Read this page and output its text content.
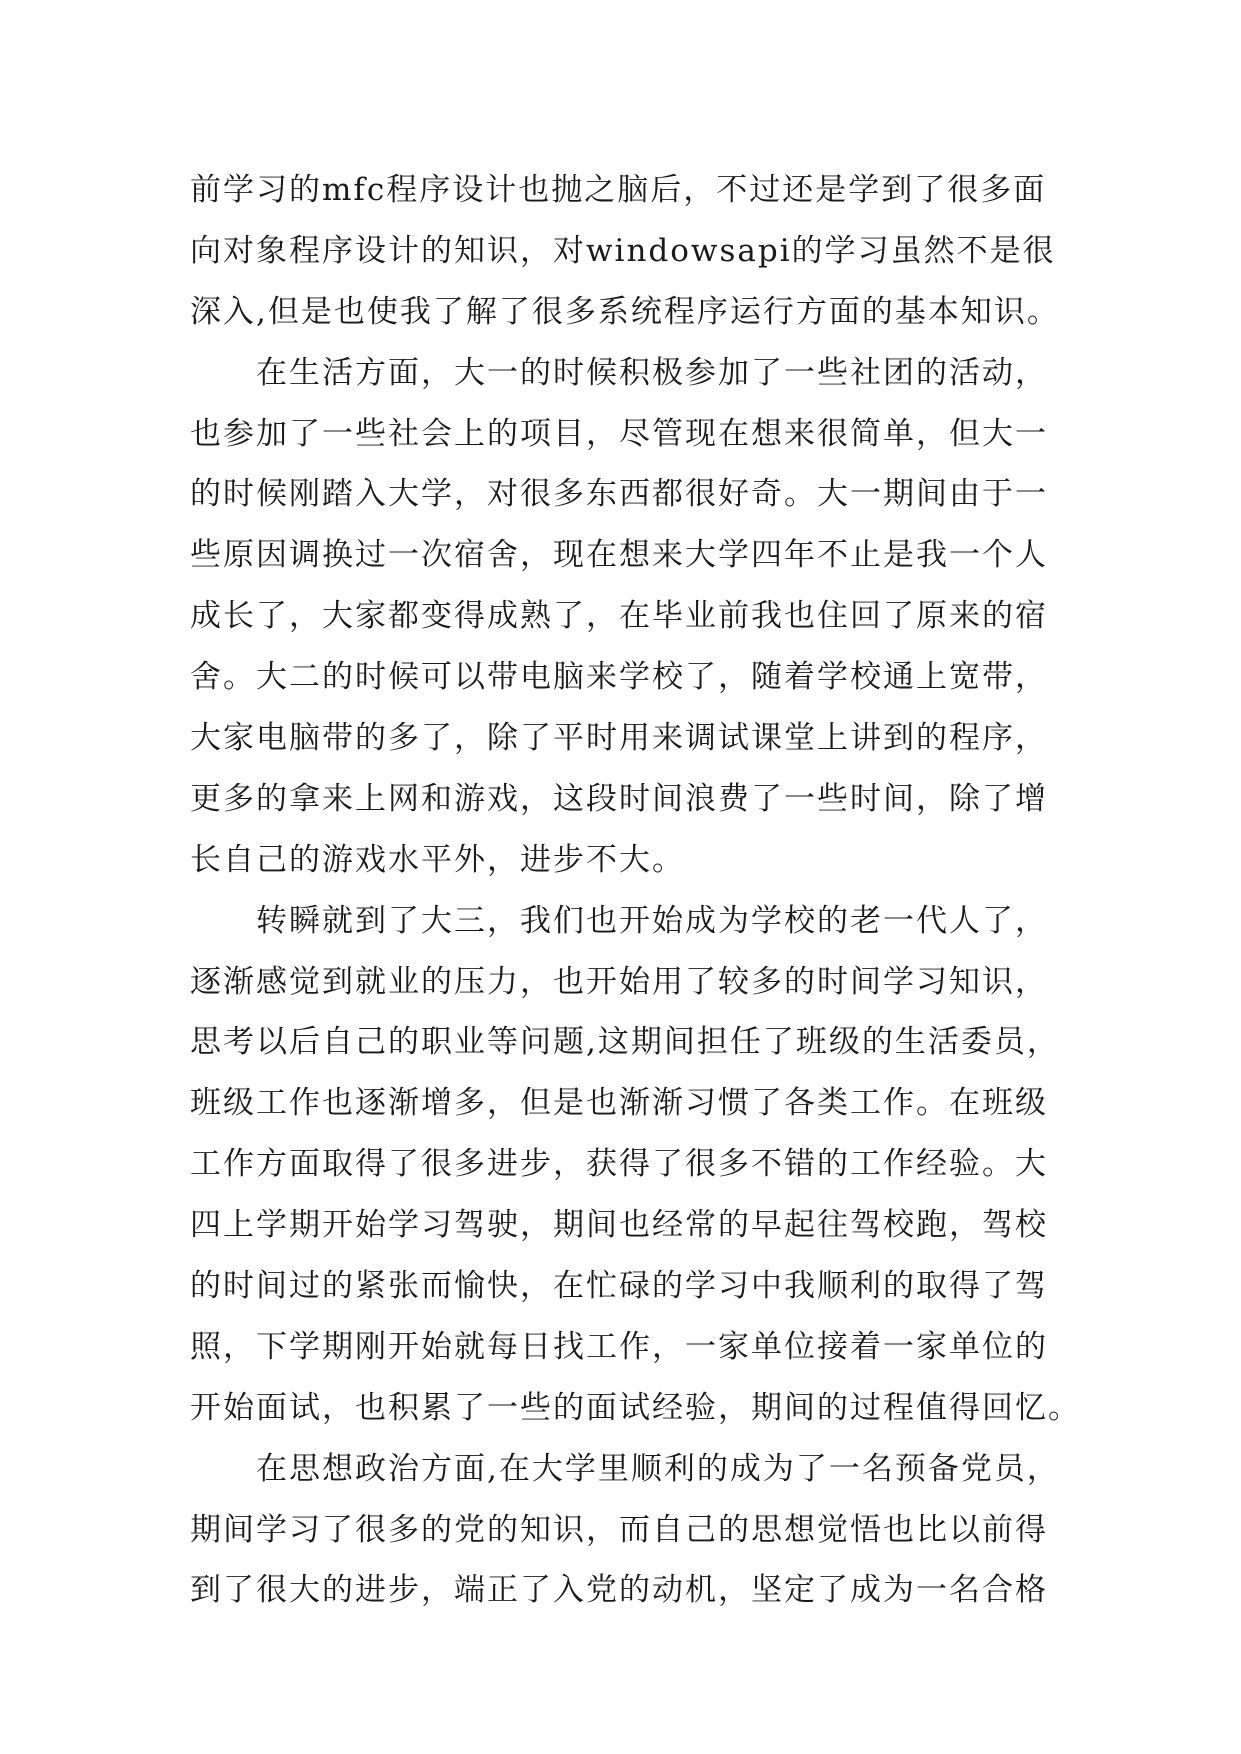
前学习的mfc程序设计也抛之脑后，不过还是学到了很多面
向对象程序设计的知识，对windowsapi的学习虽然不是很
深入,但是也使我了解了很多系统程序运行方面的基本知识。
在生活方面，大一的时候积极参加了一些社团的活动，
也参加了一些社会上的项目，尽管现在想来很简单，但大一
的时候刚踏入大学，对很多东西都很好奇。大一期间由于一
些原因调换过一次宿舍，现在想来大学四年不止是我一个人
成长了，大家都变得成熟了，在毕业前我也住回了原来的宿
舍。大二的时候可以带电脑来学校了，随着学校通上宽带，
大家电脑带的多了，除了平时用来调试课堂上讲到的程序，
更多的拿来上网和游戏，这段时间浪费了一些时间，除了增
长自己的游戏水平外，进步不大。
转瞬就到了大三，我们也开始成为学校的老一代人了，
逐渐感觉到就业的压力，也开始用了较多的时间学习知识，
思考以后自己的职业等问题,这期间担任了班级的生活委员，
班级工作也逐渐增多，但是也渐渐习惯了各类工作。在班级
工作方面取得了很多进步，获得了很多不错的工作经验。大
四上学期开始学习驾驶，期间也经常的早起往驾校跑，驾校
的时间过的紧张而愉快，在忙碌的学习中我顺利的取得了驾
照，下学期刚开始就每日找工作，一家单位接着一家单位的
开始面试，也积累了一些的面试经验，期间的过程值得回忆。
在思想政治方面,在大学里顺利的成为了一名预备党员，
期间学习了很多的党的知识，而自己的思想觉悟也比以前得
到了很大的进步，端正了入党的动机，坚定了成为一名合格
